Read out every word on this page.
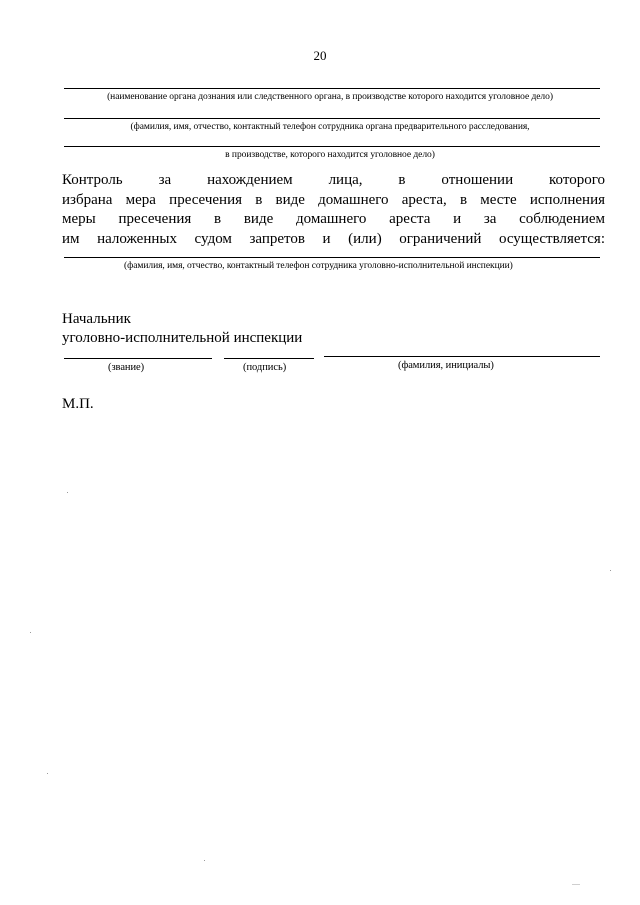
20
(наименование органа дознания или следственного органа, в производстве которого находится уголовное дело)
(фамилия, имя, отчество, контактный телефон сотрудника органа предварительного расследования,
в производстве, которого находится уголовное дело)
Контроль за нахождением лица, в отношении которого
избрана мера пресечения в виде домашнего ареста, в месте исполнения
меры пресечения в виде домашнего ареста и за соблюдением
им наложенных судом запретов и (или) ограничений осуществляется:
(фамилия, имя, отчество, контактный телефон сотрудника уголовно-исполнительной инспекции)
Начальник
уголовно-исполнительной инспекции
(звание)	(подпись)	(фамилия, инициалы)
М.П.
